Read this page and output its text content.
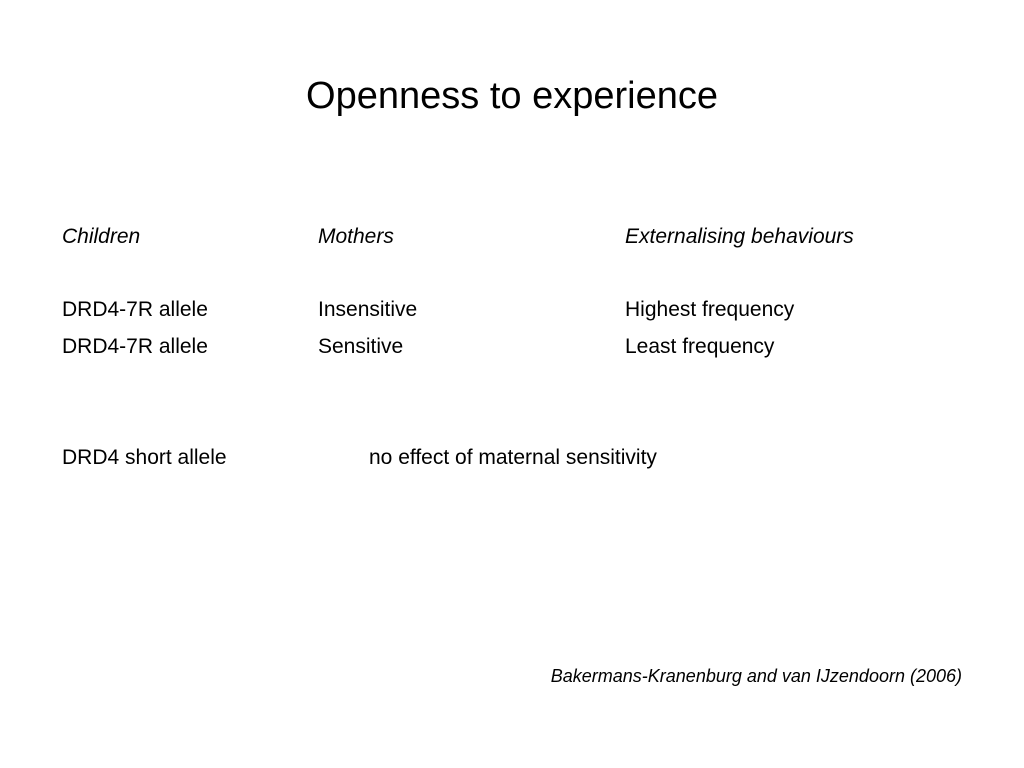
Openness to experience
Children	Mothers	Externalising behaviours
DRD4-7R allele	Insensitive	Highest frequency
DRD4-7R allele	Sensitive	Least frequency
DRD4 short allele	no effect of maternal sensitivity
Bakermans-Kranenburg and van IJzendoorn (2006)
